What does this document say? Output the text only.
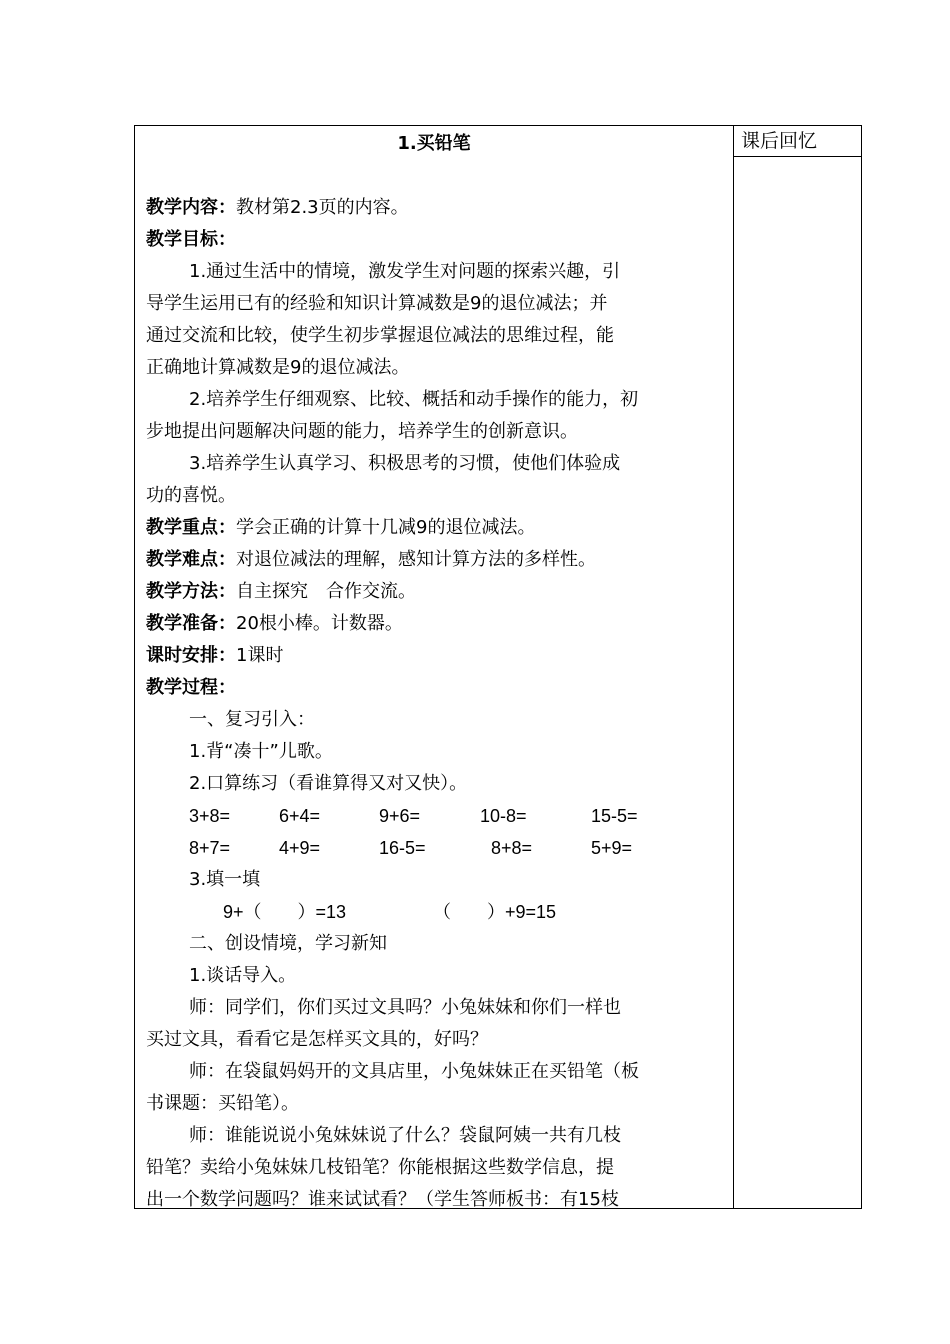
课后回忆
1.买铅笔
教学内容：教材第2.3页的内容。
教学目标：
1.通过生活中的情境，激发学生对问题的探索兴趣，引
导学生运用已有的经验和知识计算减数是9的退位减法；并
通过交流和比较，使学生初步掌握退位减法的思维过程，能
正确地计算减数是9的退位减法。
2.培养学生仔细观察、比较、概括和动手操作的能力，初
步地提出问题解决问题的能力，培养学生的创新意识。
3.培养学生认真学习、积极思考的习惯，使他们体验成
功的喜悦。
教学重点：学会正确的计算十几减9的退位减法。
教学难点：对退位减法的理解，感知计算方法的多样性。
教学方法：自主探究　合作交流。
教学准备：20根小棒。计数器。
课时安排：1课时
教学过程：
一、复习引入：
1.背“凑十”儿歌。
2.口算练习（看谁算得又对又快）。
3+8=	6+4=	9+6=	10-8=	15-5=
8+7=	4+9=	16-5=	8+8=	5+9=
3.填一填
9+（　　）=13	（　　）+9=15
二、创设情境，学习新知
1.谈话导入。
师：同学们，你们买过文具吗？小兔妹妹和你们一样也
买过文具，看看它是怎样买文具的，好吗？
师：在袋鼠妈妈开的文具店里，小兔妹妹正在买铅笔（板
书课题：买铅笔）。
师：谁能说说小兔妹妹说了什么？袋鼠阿姨一共有几枝
铅笔？卖给小兔妹妹几枝铅笔？你能根据这些数学信息，提
出一个数学问题吗？谁来试试看？（学生答师板书：有15枝
